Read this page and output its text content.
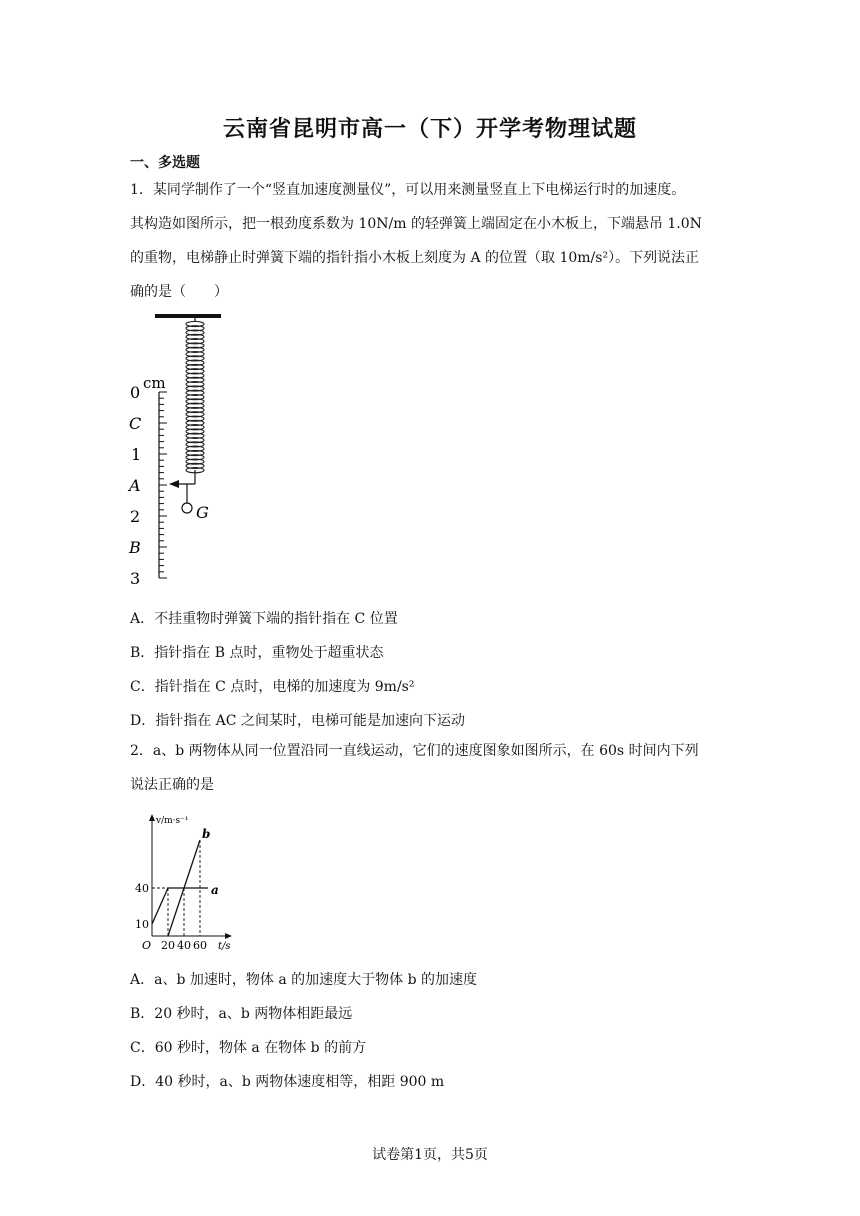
云南省昆明市高一（下）开学考物理试题
一、多选题
1．某同学制作了一个“竖直加速度测量仪”，可以用来测量竖直上下电梯运行时的加速度。
其构造如图所示，把一根劲度系数为 10N/m 的轻弹簧上端固定在小木板上，下端悬吊 1.0N
的重物，电梯静止时弹簧下端的指针指小木板上刻度为 A 的位置（取 10m/s²）。下列说法正
确的是（　　）
G
cm
0
C
1
A
2
B
3
A．不挂重物时弹簧下端的指针指在 C 位置
B．指针指在 B 点时，重物处于超重状态
C．指针指在 C 点时，电梯的加速度为 9m/s²
D．指针指在 AC 之间某时，电梯可能是加速向下运动
2．a、b 两物体从同一位置沿同一直线运动，它们的速度图象如图所示，在 60s 时间内下列
说法正确的是
a
b
20 40 60
10
40
O	t/s
v/m·s⁻¹
A．a、b 加速时，物体 a 的加速度大于物体 b 的加速度
B．20 秒时，a、b 两物体相距最远
C．60 秒时，物体 a 在物体 b 的前方
D．40 秒时，a、b 两物体速度相等，相距 900 m
试卷第1页，共5页
